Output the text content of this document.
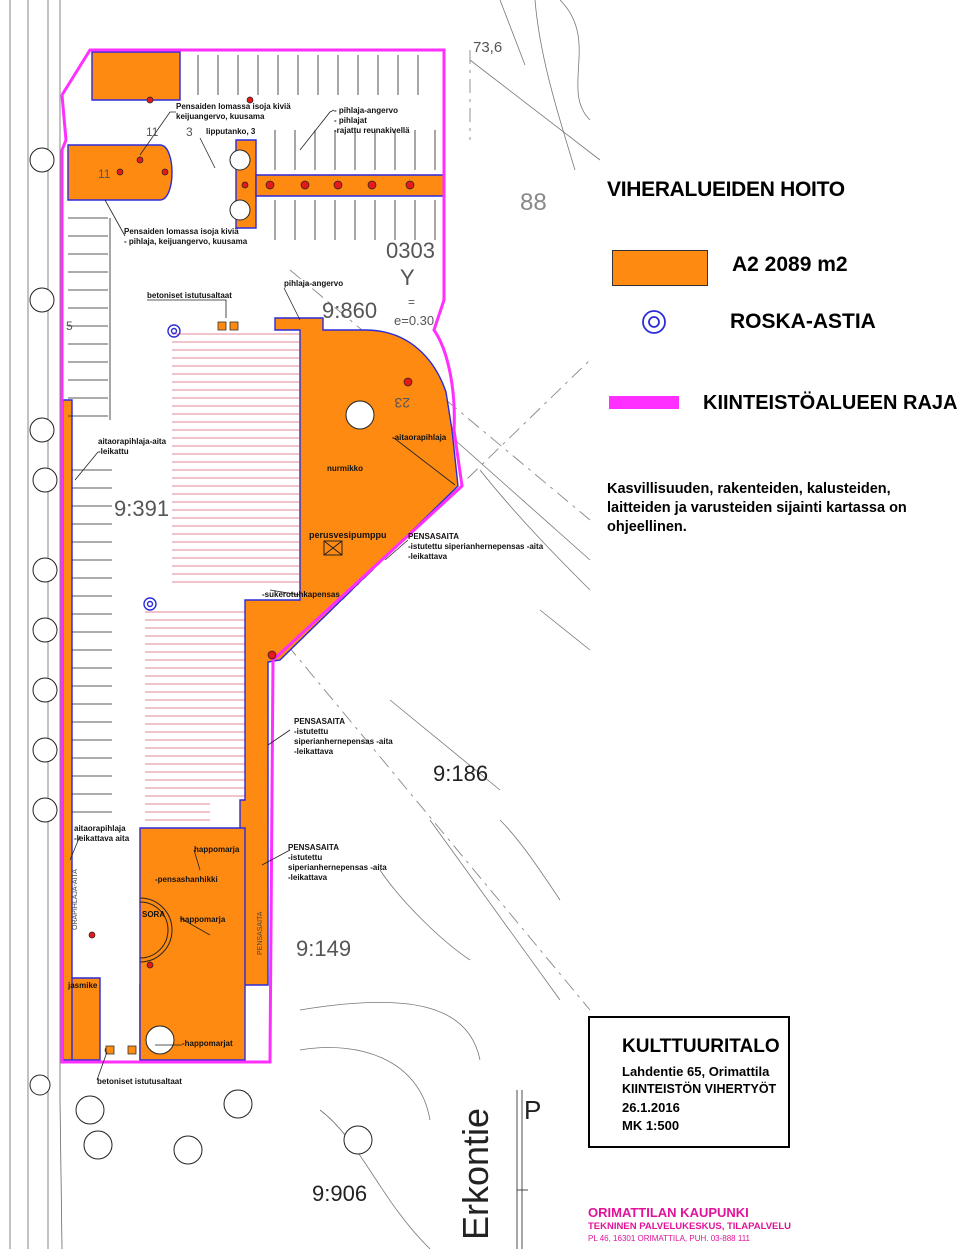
Pensaiden lomassa isoja kiviä
keijuangervo, kuusama
lipputanko, 3
- pihlaja-angervo
- pihlajat
-rajattu reunakivellä
Pensaiden lomassa isoja kiviä
- pihlaja, keijuangervo, kuusama
pihlaja-angervo
betoniset istutusaltaat
aitaorapihlaja-aita
-leikattu
-aitaorapihlaja
nurmikko
perusvesipumppu	PENSASAITA
-istutettu siperianhernepensas -aita
-leikattava
-sukerotuhkapensas
PENSASAITA
-istutettu
siperianhernepensas -aita
-leikattava
aitaorapihlaja
-leikattava aita
happomarja
-pensashanhikki
SORA
happomarja
PENSASAITA
-istutettu
siperianhernepensas -aita
-leikattava
jasmike
-happomarjat
betoniset istutusaltaat
PENSASAITA
ORAPIHLAJA-AITA
9:860
9:391
9:186
9:149
9:906
0303
Y
=
e=0.30
73,6
88
23
11 3
11
5
Erkontie P
VIHERALUEIDEN HOITO
A2 2089 m2
ROSKA-ASTIA
KIINTEISTÖALUEEN RAJA
Kasvillisuuden, rakenteiden, kalusteiden, laitteiden ja varusteiden sijainti kartassa on ohjeellinen.
KULTTUURITALO
Lahdentie 65, Orimattila
KIINTEISTÖN VIHERTYÖT
26.1.2016
MK 1:500
ORIMATTILAN KAUPUNKI
TEKNINEN PALVELUKESKUS, TILAPALVELU
PL 46, 16301 ORIMATTILA, PUH. 03-888 111
